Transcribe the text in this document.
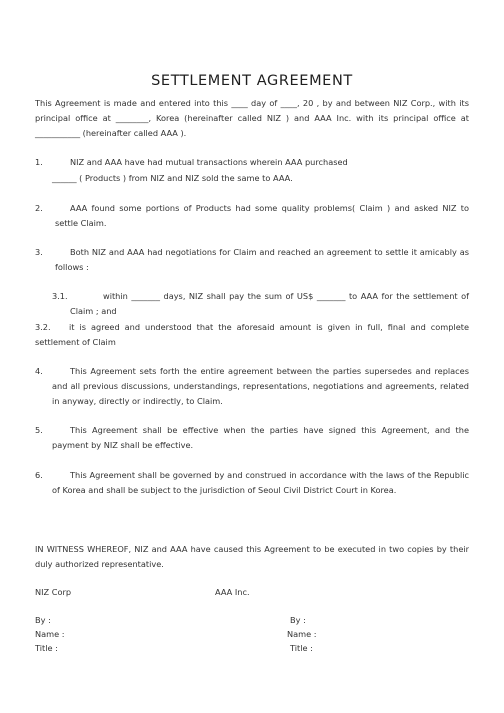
SETTLEMENT AGREEMENT
This Agreement is made and entered into this ____ day of ____, 20 , by and between NIZ Corp., with its principal office at ________, Korea (hereinafter called NIZ ) and AAA Inc. with its principal office at ___________ (hereinafter called AAA ).
1.	NIZ and AAA have had mutual transactions wherein AAA purchased
______ ( Products ) from NIZ and NIZ sold the same to AAA.
2.	AAA found some portions of Products had some quality problems( Claim ) and asked NIZ to settle Claim.
3.	Both NIZ and AAA had negotiations for Claim and reached an agreement to settle it amicably as follows :
3.1.	within _______ days, NIZ shall pay the sum of US$ _______ to AAA for the settlement of Claim ; and
3.2.	it is agreed and understood that the aforesaid amount is given in full, final and complete settlement of Claim
4.	This Agreement sets forth the entire agreement between the parties supersedes and replaces and all previous discussions, understandings, representations, negotiations and agreements, related in anyway, directly or indirectly, to Claim.
5.	This Agreement shall be effective when the parties have signed this Agreement, and the payment by NIZ shall be effective.
6.	This Agreement shall be governed by and construed in accordance with the laws of the Republic of Korea and shall be subject to the jurisdiction of Seoul Civil District Court in Korea.
IN WITNESS WHEREOF, NIZ and AAA have caused this Agreement to be executed in two copies by their duly authorized representative.
NIZ Corp	AAA Inc.
By :
Name :
Title :
By :
Name :
Title :
